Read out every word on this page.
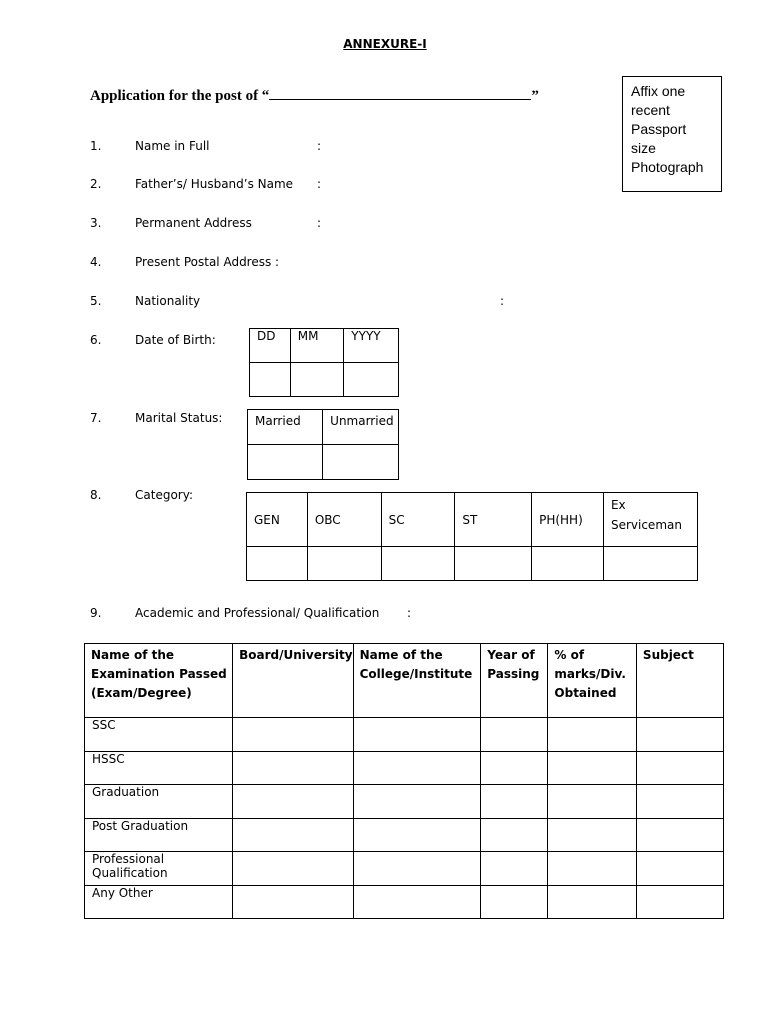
ANNEXURE-I
Application for the post of “	”	Affix one
recent
Passport
size
Photograph
1.	Name in Full	:
2.	Father’s/ Husband’s Name :
3.	Permanent Address	:
4.	Present Postal Address :
5.	Nationality	:
6.	Date of Birth:	DD	MM	YYYY

7.	Marital Status:	Married	Unmarried

8.	Category:
GEN	OBC	SC	ST	PH(HH)	Ex Serviceman

9.	Academic and Professional/ Qualification :
Name of the Examination Passed (Exam/Degree)	Board/University	Name of the College/Institute	Year of Passing	% of marks/Div. Obtained	Subject
SSC					
HSSC					
Graduation					
Post Graduation					
Professional Qualification					
Any Other					
